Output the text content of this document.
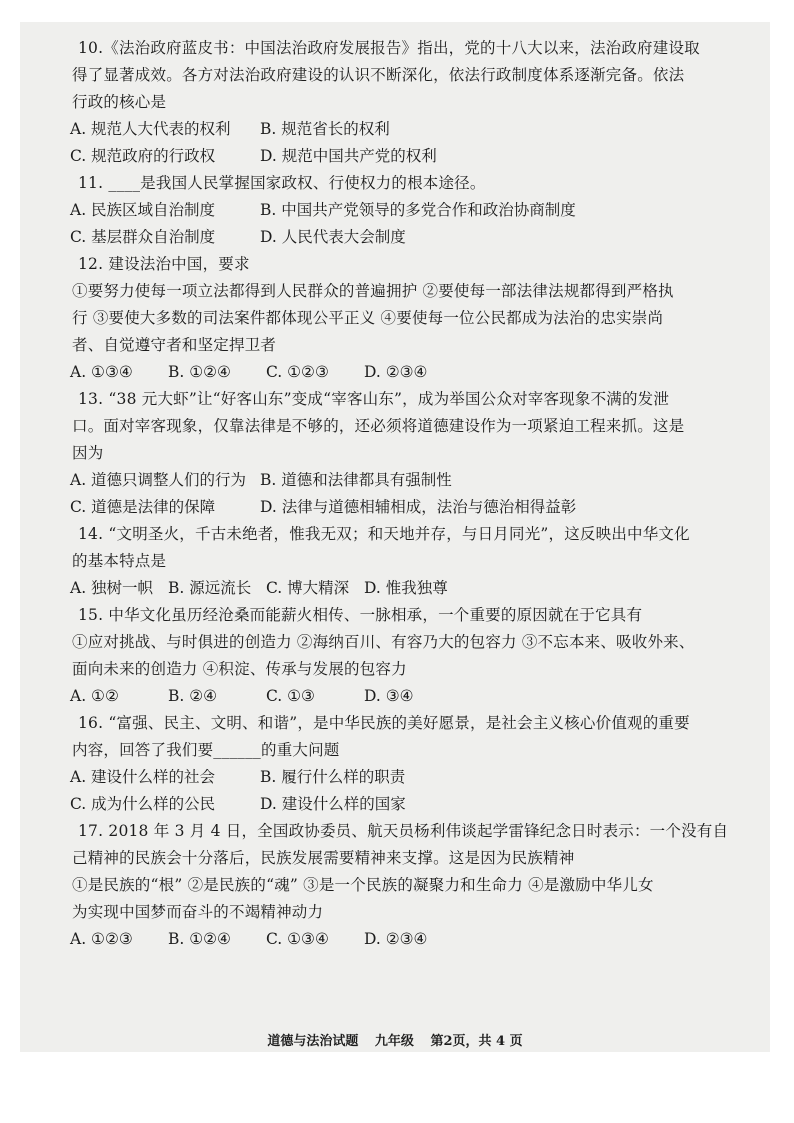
10.《法治政府蓝皮书：中国法治政府发展报告》指出，党的十八大以来，法治政府建设取
得了显著成效。各方对法治政府建设的认识不断深化，依法行政制度体系逐渐完备。依法
行政的核心是
A. 规范人大代表的权利	B. 规范省长的权利
C. 规范政府的行政权	D. 规范中国共产党的权利
11. ____是我国人民掌握国家政权、行使权力的根本途径。
A. 民族区域自治制度	B. 中国共产党领导的多党合作和政治协商制度
C. 基层群众自治制度	D. 人民代表大会制度
12. 建设法治中国，要求
①要努力使每一项立法都得到人民群众的普遍拥护 ②要使每一部法律法规都得到严格执
行 ③要使大多数的司法案件都体现公平正义 ④要使每一位公民都成为法治的忠实崇尚
者、自觉遵守者和坚定捍卫者
A. ①③④	B. ①②④	C. ①②③	D. ②③④
13. “38 元大虾”让“好客山东”变成“宰客山东”，成为举国公众对宰客现象不满的发泄
口。面对宰客现象，仅靠法律是不够的，还必须将道德建设作为一项紧迫工程来抓。这是
因为
A. 道德只调整人们的行为 B. 道德和法律都具有强制性
C. 道德是法律的保障	D. 法律与道德相辅相成，法治与德治相得益彰
14. “文明圣火，千古未绝者，惟我无双；和天地并存，与日月同光”，这反映出中华文化
的基本特点是
A. 独树一帜 B. 源远流长 C. 博大精深 D. 惟我独尊
15. 中华文化虽历经沧桑而能薪火相传、一脉相承，一个重要的原因就在于它具有
①应对挑战、与时俱进的创造力 ②海纳百川、有容乃大的包容力 ③不忘本来、吸收外来、
面向未来的创造力 ④积淀、传承与发展的包容力
A. ①②	B. ②④	C. ①③	D. ③④
16. “富强、民主、文明、和谐”，是中华民族的美好愿景，是社会主义核心价值观的重要
内容，回答了我们要______的重大问题
A. 建设什么样的社会	B. 履行什么样的职责
C. 成为什么样的公民	D. 建设什么样的国家
17. 2018 年 3 月 4 日，全国政协委员、航天员杨利伟谈起学雷锋纪念日时表示：一个没有自
己精神的民族会十分落后，民族发展需要精神来支撑。这是因为民族精神
①是民族的“根” ②是民族的“魂” ③是一个民族的凝聚力和生命力 ④是激励中华儿女
为实现中国梦而奋斗的不竭精神动力
A. ①②③	B. ①②④	C. ①③④	D. ②③④
道德与法治试题 九年级 第2页，共 4 页
